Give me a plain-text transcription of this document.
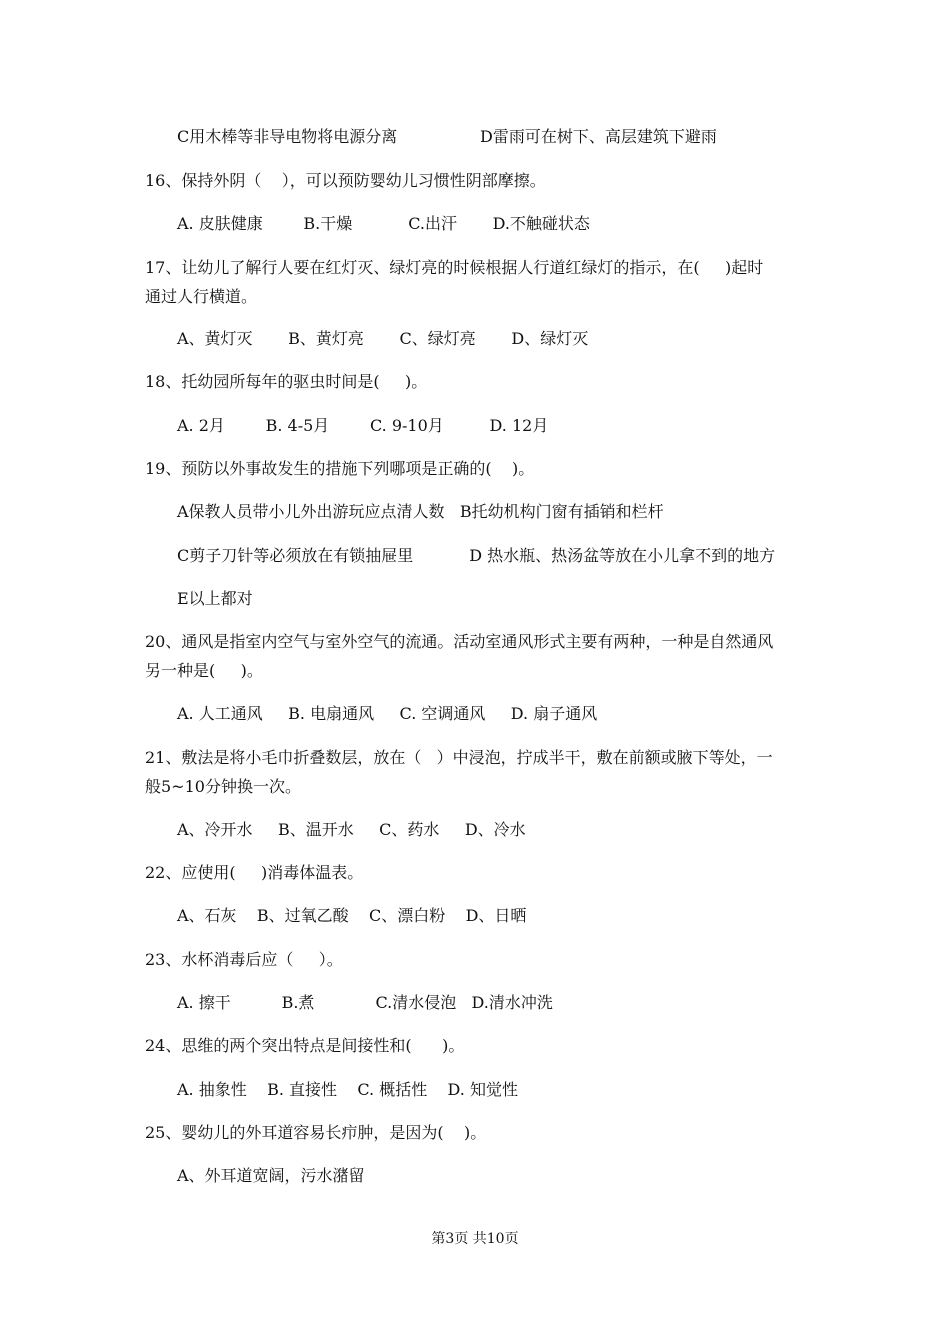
C用木棒等非导电物将电源分离	D雷雨可在树下、高层建筑下避雨
16、保持外阴（    ），可以预防婴幼儿习惯性阴部摩擦。
A. 皮肤健康        B.干燥           C.出汗       D.不触碰状态
17、让幼儿了解行人要在红灯灭、绿灯亮的时候根据人行道红绿灯的指示，在(     )起时
通过人行横道。
A、黄灯灭       B、黄灯亮       C、绿灯亮       D、绿灯灭
18、托幼园所每年的驱虫时间是(     )。
A. 2月        B. 4-5月        C. 9-10月         D. 12月
19、预防以外事故发生的措施下列哪项是正确的(    )。
A保教人员带小儿外出游玩应点清人数   B托幼机构门窗有插销和栏杆
C剪子刀针等必须放在有锁抽屉里           D 热水瓶、热汤盆等放在小儿拿不到的地方
E以上都对
20、通风是指室内空气与室外空气的流通。活动室通风形式主要有两种，一种是自然通风
另一种是(     )。
A. 人工通风     B. 电扇通风     C. 空调通风     D. 扇子通风
21、敷法是将小毛巾折叠数层，放在（   ）中浸泡，拧成半干，敷在前额或腋下等处，一
般5~10分钟换一次。
A、冷开水     B、温开水     C、药水     D、冷水
22、应使用(     )消毒体温表。
A、石灰    B、过氧乙酸    C、漂白粉    D、日晒
23、水杯消毒后应（     ）。
A. 擦干          B.煮            C.清水侵泡   D.清水冲洗
24、思维的两个突出特点是间接性和(      )。
A. 抽象性    B. 直接性    C. 概括性    D. 知觉性
25、婴幼儿的外耳道容易长疖肿，是因为(    )。
A、外耳道宽阔，污水潴留
第3页 共10页
